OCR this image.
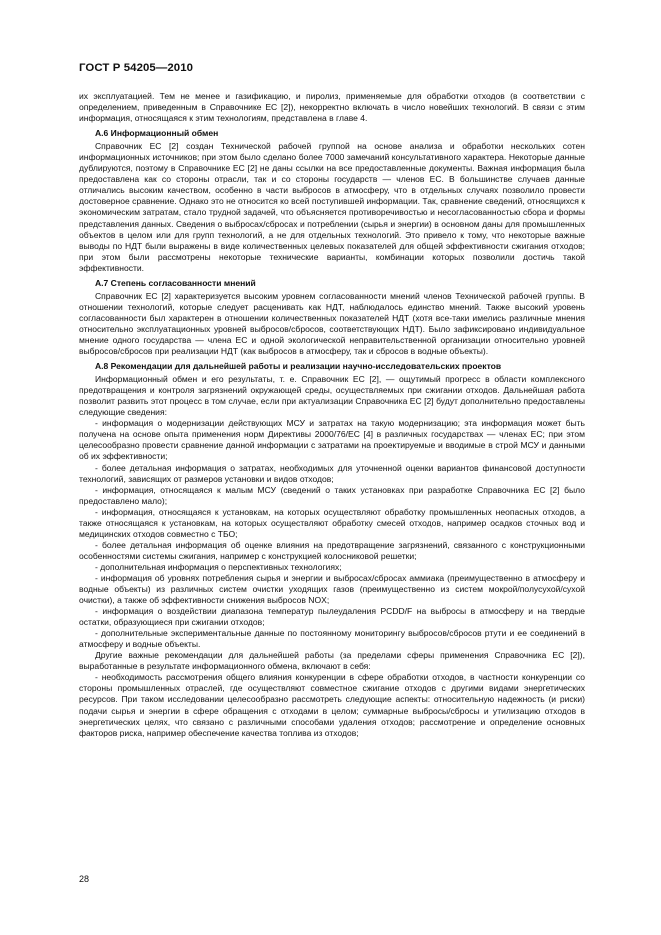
ГОСТ Р 54205—2010

их эксплуатацией. Тем не менее и газификацию, и пиролиз, применяемые для обработки отходов (в соответствии с определением, приведенным в Справочнике ЕС [2]), некорректно включать в число новейших технологий. В связи с этим информация, относящаяся к этим технологиям, представлена в главе 4.

А.6 Информационный обмен

Справочник ЕС [2] создан Технической рабочей группой на основе анализа и обработки нескольких сотен информационных источников; при этом было сделано более 7000 замечаний консультативного характера. Некоторые данные дублируются, поэтому в Справочнике ЕС [2] не даны ссылки на все предоставленные документы. Важная информация была предоставлена как со стороны отрасли, так и со стороны государств — членов ЕС. В большинстве случаев данные отличались высоким качеством, особенно в части выбросов в атмосферу, что в отдельных случаях позволило провести достоверное сравнение. Однако это не относится ко всей поступившей информации. Так, сравнение сведений, относящихся к экономическим затратам, стало трудной задачей, что объясняется противоречивостью и несогласованностью сбора и формы представления данных. Сведения о выбросах/сбросах и потреблении (сырья и энергии) в основном даны для промышленных объектов в целом или для групп технологий, а не для отдельных технологий. Это привело к тому, что некоторые важные выводы по НДТ были выражены в виде количественных целевых показателей для общей эффективности сжигания отходов; при этом были рассмотрены некоторые технические варианты, комбинации которых позволили достичь такой эффективности.

А.7 Степень согласованности мнений

Справочник ЕС [2] характеризуется высоким уровнем согласованности мнений членов Технической рабочей группы. В отношении технологий, которые следует расценивать как НДТ, наблюдалось единство мнений. Также высокий уровень согласованности был характерен в отношении количественных показателей НДТ (хотя все-таки имелись различные мнения относительно эксплуатационных уровней выбросов/сбросов, соответствующих НДТ). Было зафиксировано индивидуальное мнение одного государства — члена ЕС и одной экологической неправительственной организации относительно уровней выбросов/сбросов при реализации НДТ (как выбросов в атмосферу, так и сбросов в водные объекты).

А.8 Рекомендации для дальнейшей работы и реализации научно-исследовательских проектов

Информационный обмен и его результаты, т. е. Справочник ЕС [2], — ощутимый прогресс в области комплексного предотвращения и контроля загрязнений окружающей среды, осуществляемых при сжигании отходов. Дальнейшая работа позволит развить этот процесс в том случае, если при актуализации Справочника ЕС [2] будут дополнительно предоставлены следующие сведения:

- информация о модернизации действующих МСУ и затратах на такую модернизацию; эта информация может быть получена на основе опыта применения норм Директивы 2000/76/ЕС [4] в различных государствах — членах ЕС; при этом целесообразно провести сравнение данной информации с затратами на проектируемые и вводимые в строй МСУ и данными об их эффективности;

- более детальная информация о затратах, необходимых для уточненной оценки вариантов финансовой доступности технологий, зависящих от размеров установки и видов отходов;

- информация, относящаяся к малым МСУ (сведений о таких установках при разработке Справочника ЕС [2] было предоставлено мало);

- информация, относящаяся к установкам, на которых осуществляют обработку промышленных неопасных отходов, а также относящаяся к установкам, на которых осуществляют обработку смесей отходов, например осадков сточных вод и медицинских отходов совместно с ТБО;

- более детальная информация об оценке влияния на предотвращение загрязнений, связанного с конструкционными особенностями системы сжигания, например с конструкцией колосниковой решетки;

- дополнительная информация о перспективных технологиях;

- информация об уровнях потребления сырья и энергии и выбросах/сбросах аммиака (преимущественно в атмосферу и водные объекты) из различных систем очистки уходящих газов (преимущественно из систем мокрой/полусухой/сухой очистки), а также об эффективности снижения выбросов NOX;

- информация о воздействии диапазона температур пылеудаления PCDD/F на выбросы в атмосферу и на твердые остатки, образующиеся при сжигании отходов;

- дополнительные экспериментальные данные по постоянному мониторингу выбросов/сбросов ртути и ее соединений в атмосферу и водные объекты.

Другие важные рекомендации для дальнейшей работы (за пределами сферы применения Справочника ЕС [2]), выработанные в результате информационного обмена, включают в себя:

- необходимость рассмотрения общего влияния конкуренции в сфере обработки отходов, в частности конкуренции со стороны промышленных отраслей, где осуществляют совместное сжигание отходов с другими видами энергетических ресурсов. При таком исследовании целесообразно рассмотреть следующие аспекты: относительную надежность (и риски) подачи сырья и энергии в сфере обращения с отходами в целом; суммарные выбросы/сбросы и утилизацию отходов в энергетических целях, что связано с различными способами удаления отходов; рассмотрение и определение основных факторов риска, например обеспечение качества топлива из отходов;

28
